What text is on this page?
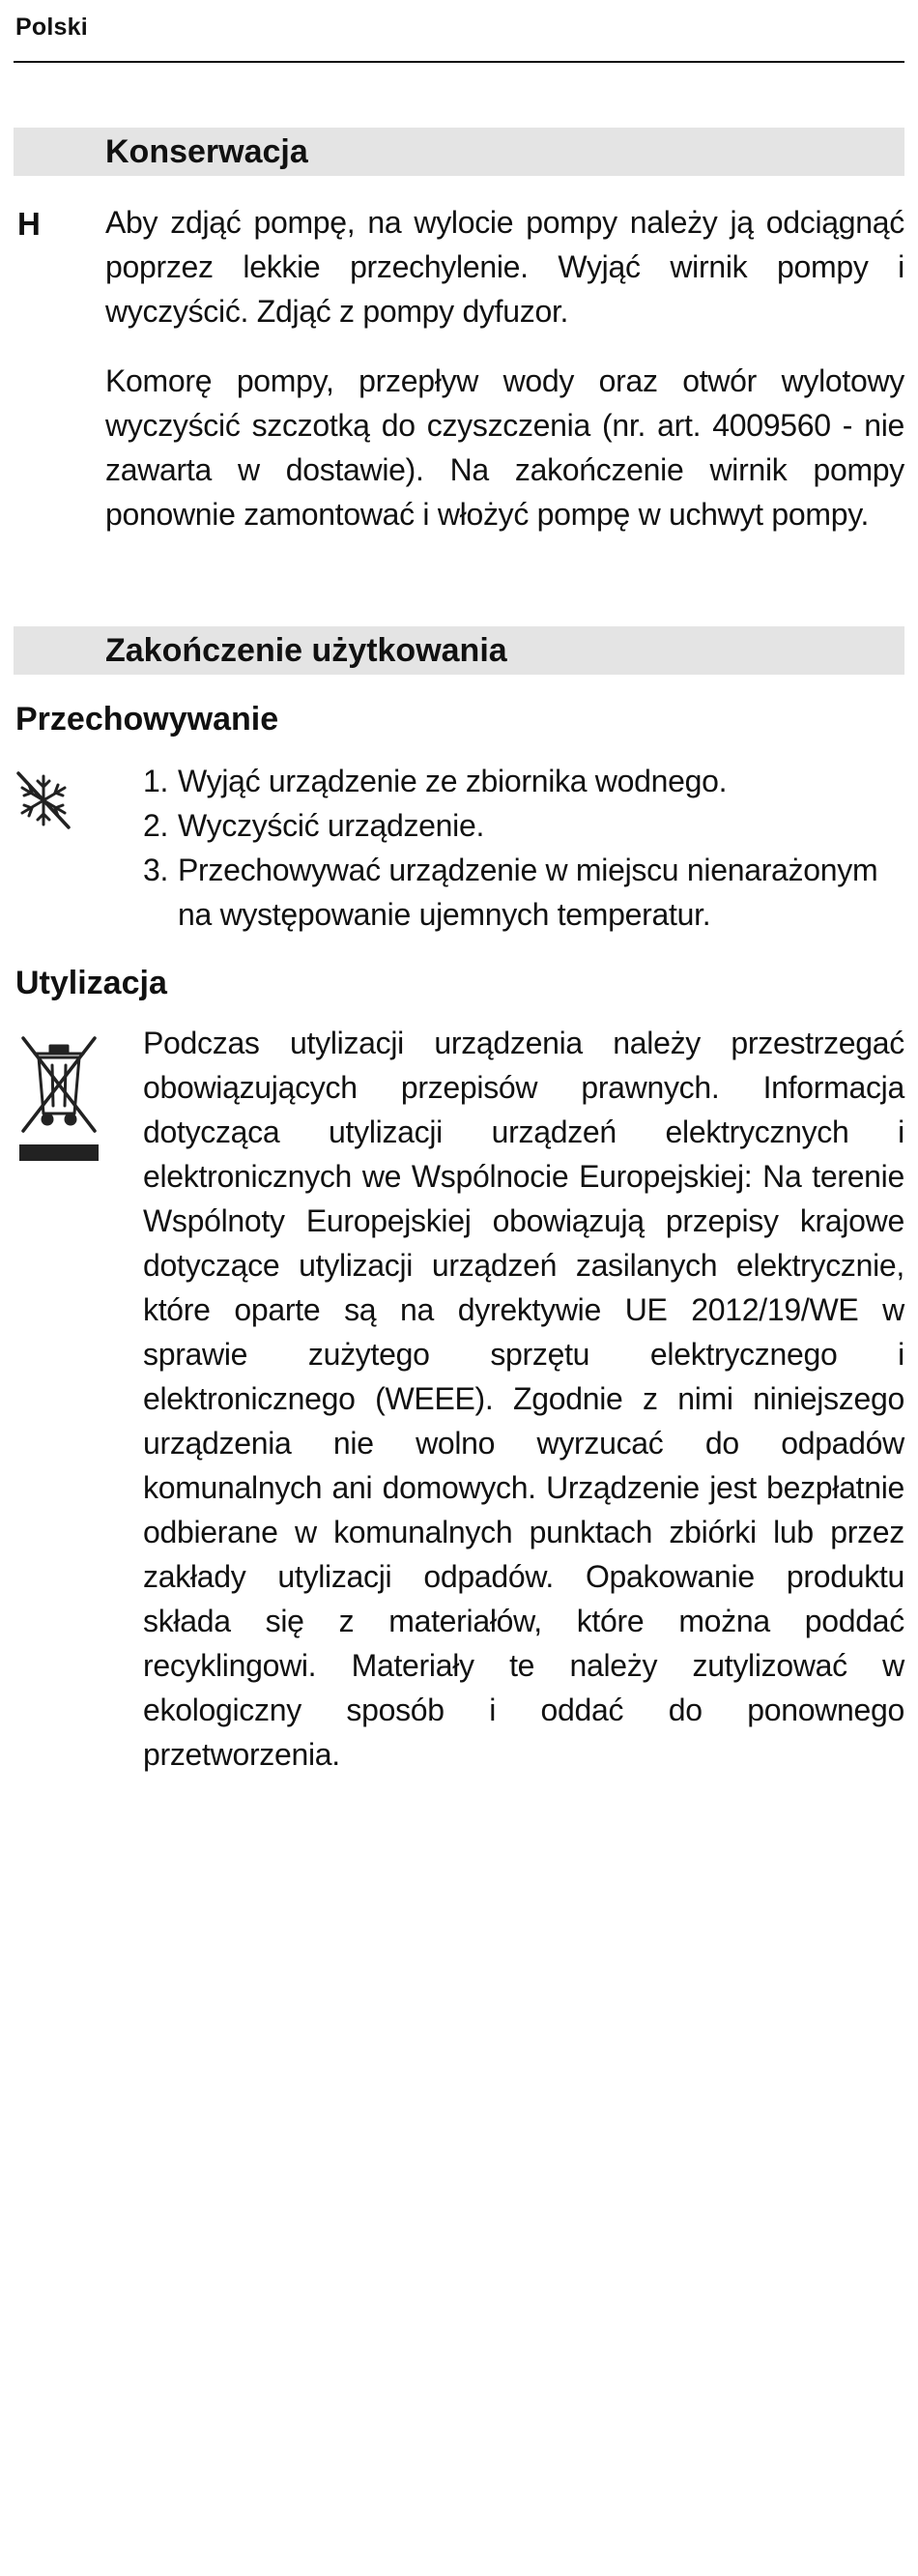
Polski
Konserwacja
H Aby zdjąć pompę, na wylocie pompy należy ją odciągnąć poprzez lekkie przechylenie. Wyjąć wirnik pompy i wyczyścić. Zdjąć z pompy dyfuzor.
Komorę pompy, przepływ wody oraz otwór wylotowy wyczyścić szczotką do czyszczenia (nr. art. 4009560 - nie zawarta w dostawie). Na zakończenie wirnik pompy ponownie zamontować i włożyć pompę w uchwyt pompy.
Zakończenie użytkowania
Przechowywanie
1. Wyjąć urządzenie ze zbiornika wodnego.
2. Wyczyścić urządzenie.
3. Przechowywać urządzenie w miejscu nienarażonym na występowanie ujemnych temperatur.
Utylizacja
Podczas utylizacji urządzenia należy przestrzegać obowiązujących przepisów prawnych. Informacja dotycząca utylizacji urządzeń elektrycznych i elektronicznych we Wspólnocie Europejskiej: Na terenie Wspólnoty Europejskiej obowiązują przepisy krajowe dotyczące utylizacji urządzeń zasilanych elektrycznie, które oparte są na dyrektywie UE 2012/19/WE w sprawie zużytego sprzętu elektrycznego i elektronicznego (WEEE). Zgodnie z nimi niniejszego urządzenia nie wolno wyrzucać do odpadów komunalnych ani domowych. Urządzenie jest bezpłatnie odbierane w komunalnych punktach zbiórki lub przez zakłady utylizacji odpadów. Opakowanie produktu składa się z materiałów, które można poddać recyklingowi. Materiały te należy zutylizować w ekologiczny sposób i oddać do ponownego przetworzenia.
